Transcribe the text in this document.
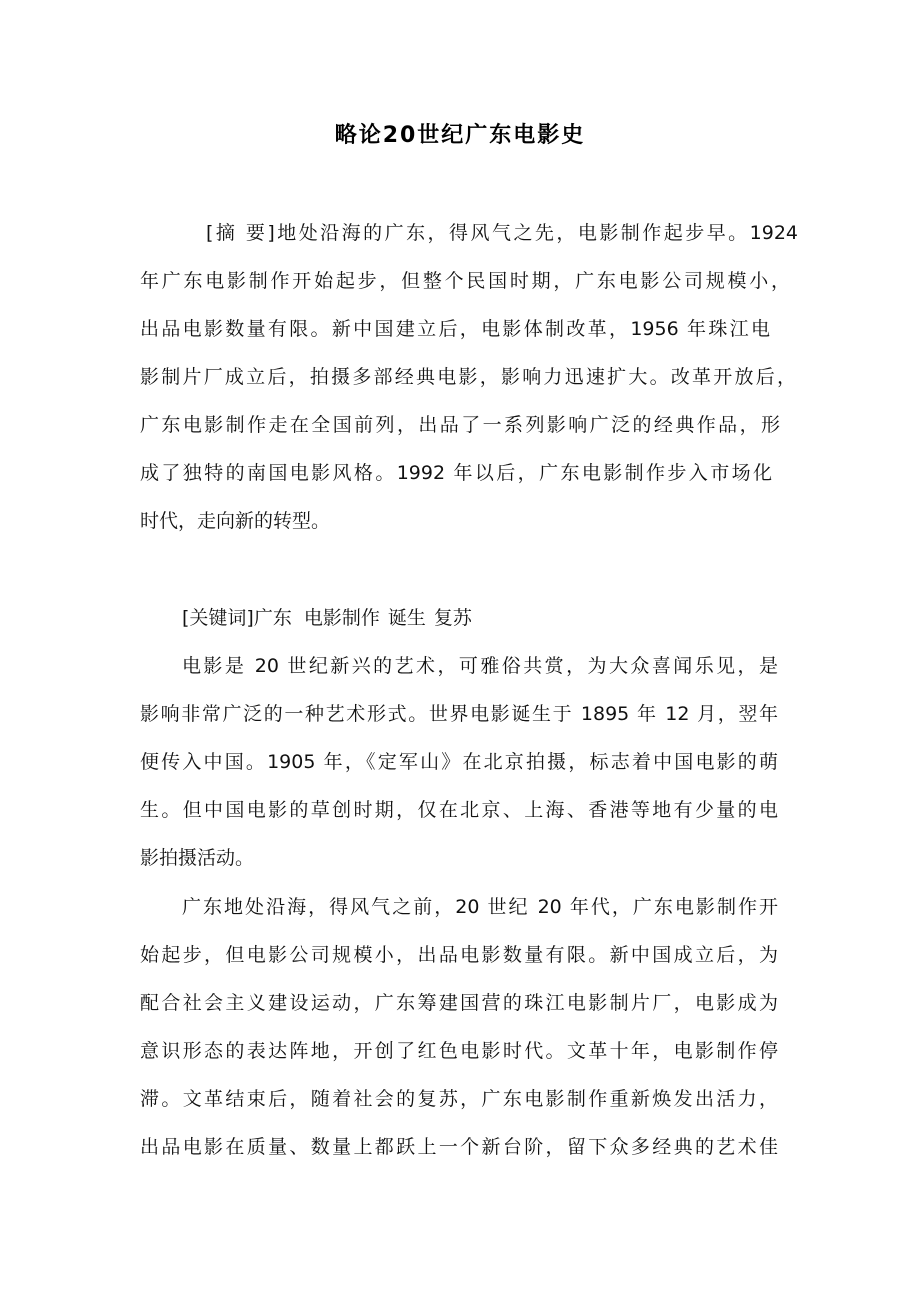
略论20世纪广东电影史
[摘 要]地处沿海的广东，得风气之先，电影制作起步早。1924
年广东电影制作开始起步，但整个民国时期，广东电影公司规模小，
出品电影数量有限。新中国建立后，电影体制改革，1956 年珠江电
影制片厂成立后，拍摄多部经典电影，影响力迅速扩大。改革开放后，
广东电影制作走在全国前列，出品了一系列影响广泛的经典作品，形
成了独特的南国电影风格。1992 年以后，广东电影制作步入市场化
时代，走向新的转型。
[关键词]广东 电影制作 诞生 复苏
电影是 20 世纪新兴的艺术，可雅俗共赏，为大众喜闻乐见，是
影响非常广泛的一种艺术形式。世界电影诞生于 1895 年 12 月，翌年
便传入中国。1905 年，《定军山》在北京拍摄，标志着中国电影的萌
生。但中国电影的草创时期，仅在北京、上海、香港等地有少量的电
影拍摄活动。
广东地处沿海，得风气之前，20 世纪 20 年代，广东电影制作开
始起步，但电影公司规模小，出品电影数量有限。新中国成立后，为
配合社会主义建设运动，广东筹建国营的珠江电影制片厂，电影成为
意识形态的表达阵地，开创了红色电影时代。文革十年，电影制作停
滞。文革结束后，随着社会的复苏，广东电影制作重新焕发出活力，
出品电影在质量、数量上都跃上一个新台阶，留下众多经典的艺术佳
